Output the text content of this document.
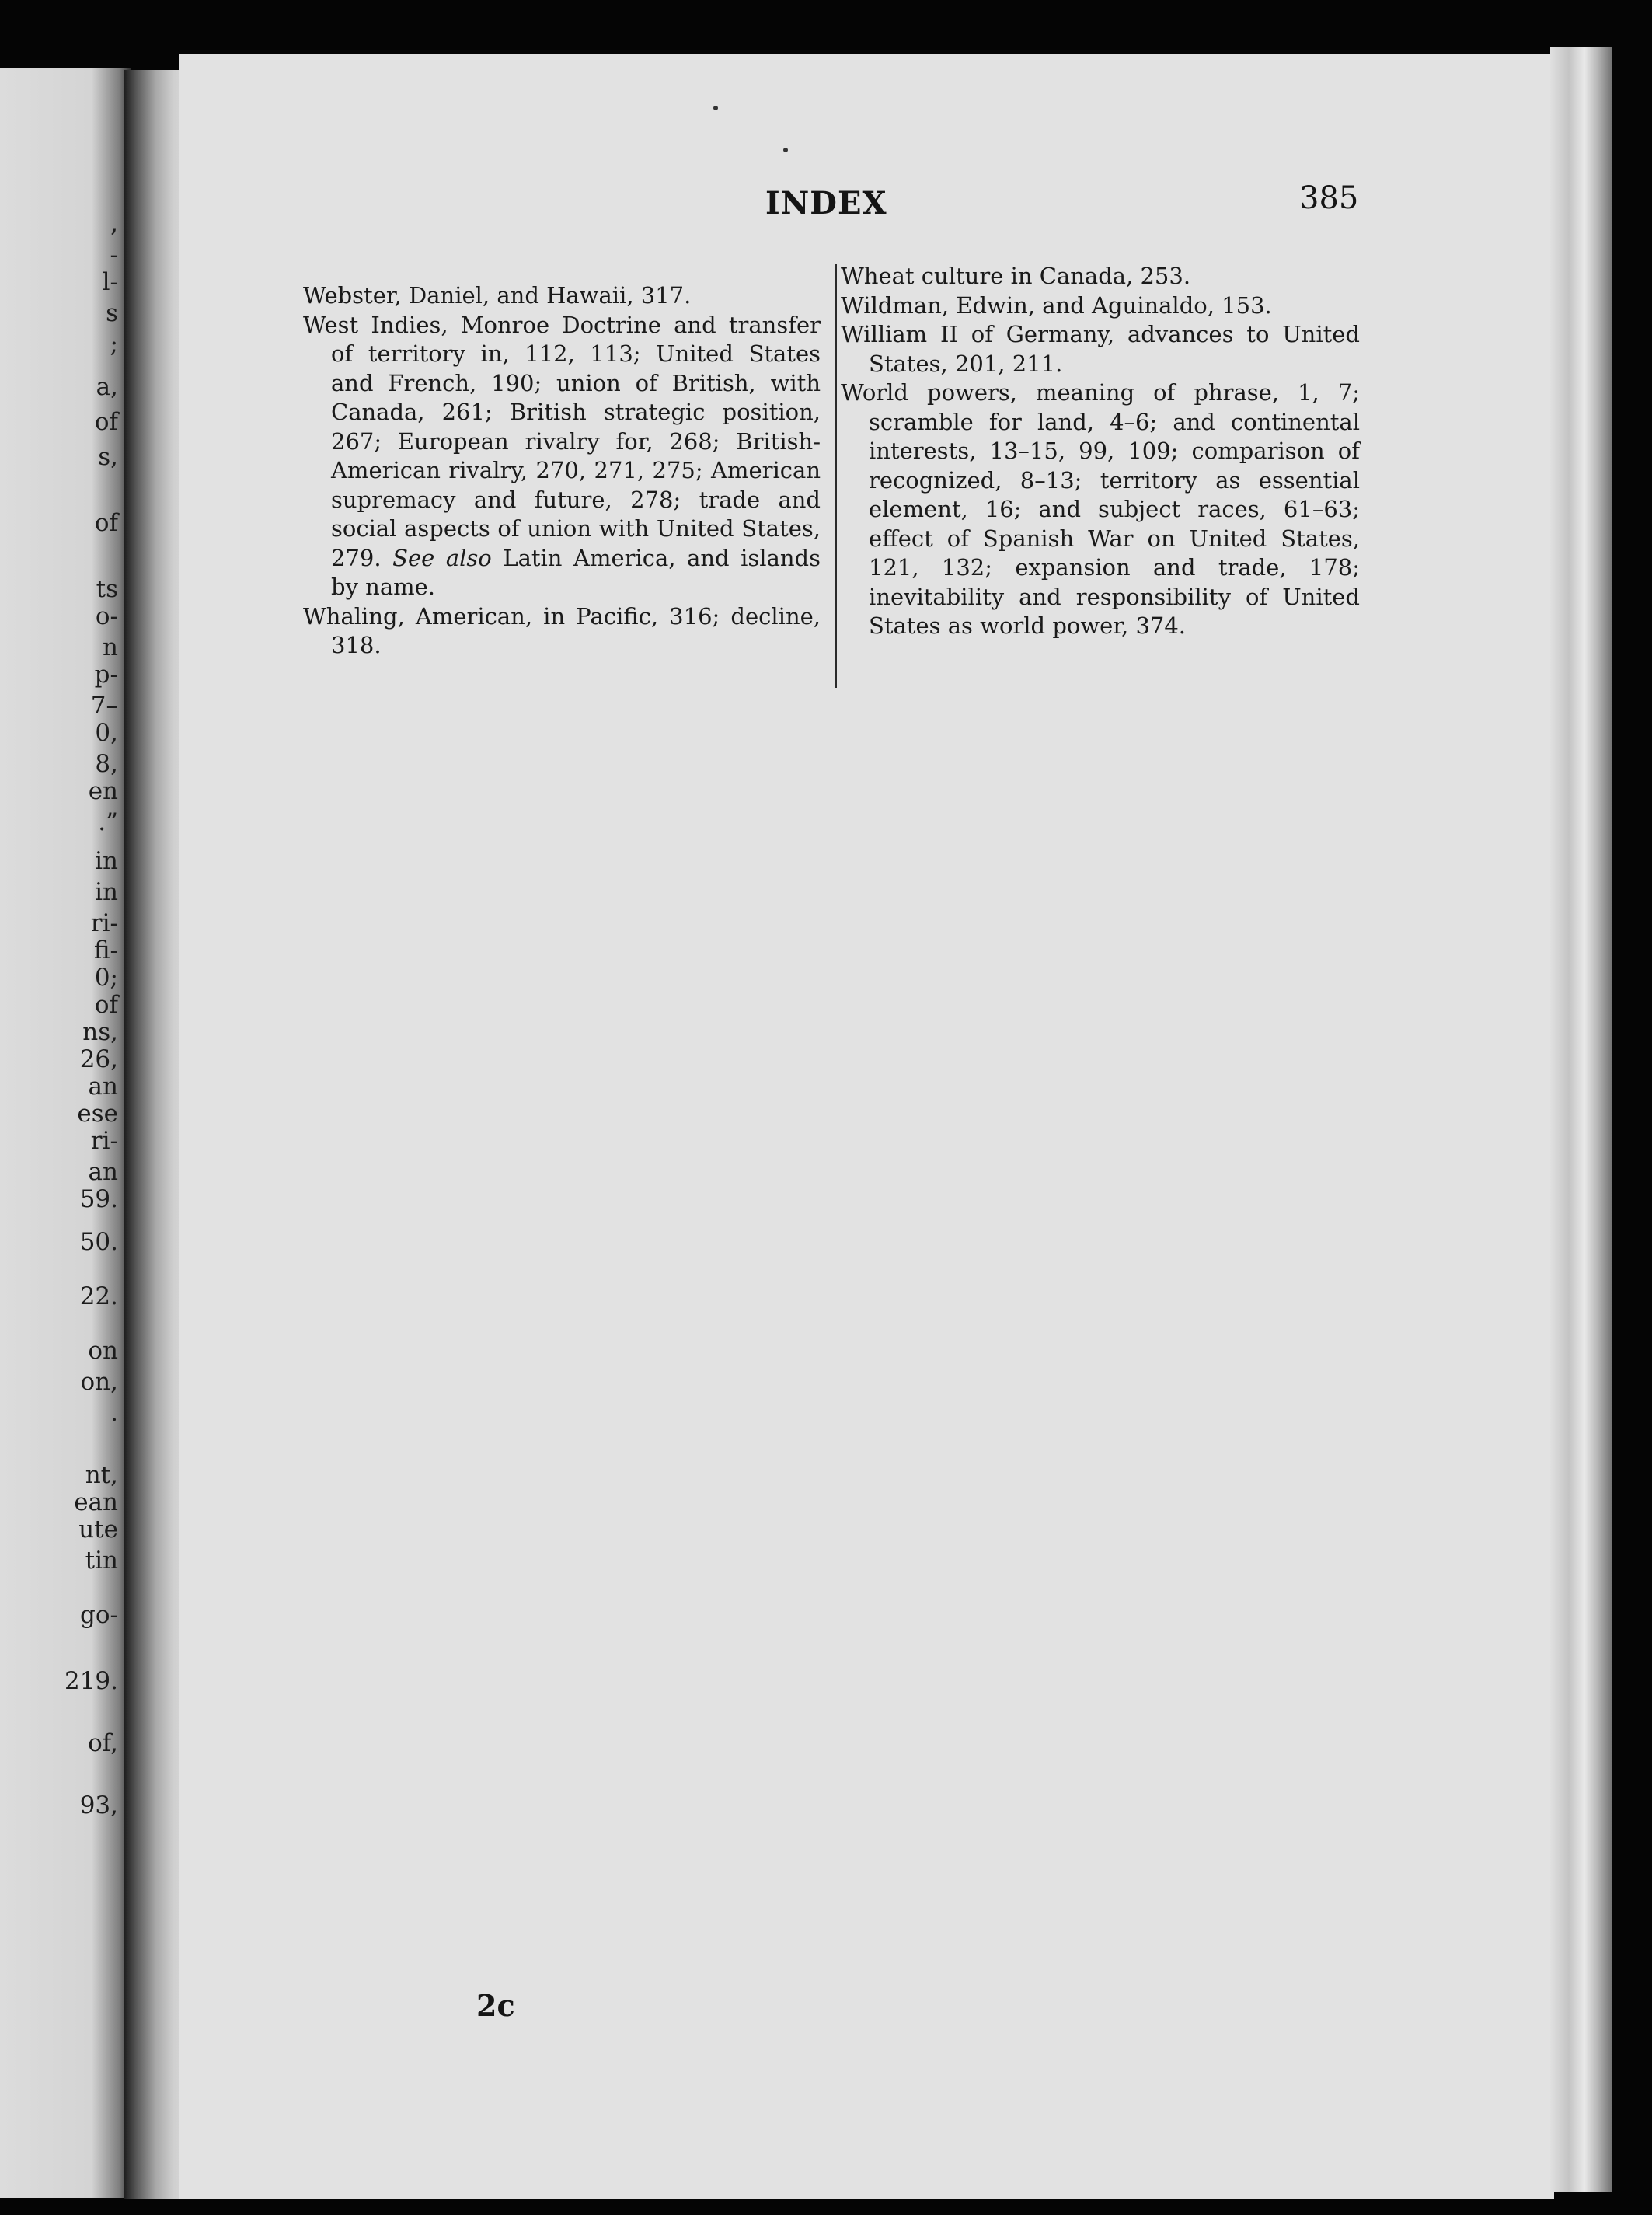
,
-
l-
s
;
a,
of
s,
of
ts
o-
n
p-
7–
0,
8,
en
.”
in
in
ri-
fi-
0;
of
ns,
26,
an
ese
ri-
an
59.
50.
22.
on
on,
.
nt,
ean
ute
tin
go-
219.
of,
93,
INDEX	385

Webster, Daniel, and Hawaii, 317.

West Indies, Monroe Doctrine and transfer of territory in, 112, 113; United States and French, 190; union of British, with Canada, 261; British strategic position, 267; European rivalry for, 268; British-American rivalry, 270, 271, 275; American supremacy and future, 278; trade and social aspects of union with United States, 279. See also Latin America, and islands by name.

Whaling, American, in Pacific, 316; decline, 318.

Wheat culture in Canada, 253.

Wildman, Edwin, and Aguinaldo, 153.

William II of Germany, advances to United States, 201, 211.

World powers, meaning of phrase, 1, 7; scramble for land, 4–6; and continental interests, 13–15, 99, 109; comparison of recognized, 8–13; territory as essential element, 16; and subject races, 61–63; effect of Spanish War on United States, 121, 132; expansion and trade, 178; inevitability and responsibility of United States as world power, 374.

2c
